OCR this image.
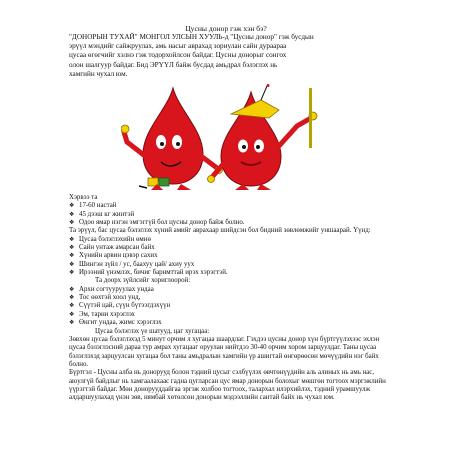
Цусны донор гэж хэн бэ?
"ДОНОРЫН ТУХАЙ" МОНГОЛ УЛСЫН ХУУЛЬ-д "Цусны донор" гэж бусдын
эрүүл мэндийг сайжруулах, амь насыг аврахад зориулан сайн дураараа
цусаа өгөгчийг хэлнэ гэж тодорхойлсон байдаг. Цусны донорыг сонгох
олон шалгуур байдаг. Бид ЭРҮҮЛ байж бусдад амьдрал бэлэглэх нь
хамгийн чухал юм.
Хэрвээ та
❖ 17-60 настай
❖ 45 дээш кг жинтэй
❖ Одоо ямар нэгэн эмгэггүй бол цусны донор байж болно.
Та эрүүл, бас цусаа бэлэглэх хүний амийг аврахаар шийдсэн бол бидний зөвлөмжийг уншаарай. Үүнд:
❖ Цусаа бэлэглэхийн өмнө
❖ Сайн унтаж амарсан байх
❖ Хүнийн арвин цэвэр сахих
❖ Шингэн зүйл / ус, баахуу цай/ ахиу уух
❖ Ирээний үнэмлэх, бичиг баримттай ирэх хэрэгтэй.
Та доорх зүйлсийг хориглоорой:
❖ Архи согтууруулах ундаа
❖ Тос өөхтэй хоол унд,
❖ Сүүтэй цай, сүүн бүтээгдэхүүн
❖ Эм, тарни хэрэглэх
❖ Өнгит ундаа, жимс хэрэглэх
Цусаа бэлэглэх үе шатууд, цаг хугацаа:
Зөвхөн цусаа бэлэглэхэд 5 минут орчим л хугацаа шаардлаг. Гэхдээ цусны донор хүн бүртгүүлэхээс эхлэн цусаа бэлэглэсний дараа тур амрах хугацааг оруулан нийтдээ 30-40 орчим хором зарцуулдаг. Таны цусаа бэлэглэхэд зарцуулсан хугацаа бол таны амьдралын хамгийн үр ашигтай өнгөрөөсөн мөчүүдийн нэг байх болно.
Бүртгэл - Цусны алба нь донорууд болон тэдний цусыг сэлбүүлэх өвчтөнүүдийн аль алиных нь амь нас, аюулгүй байдлыг нь хамгаалахаас гадна цугларсан цус ямар донорын болохыг мөшгөн тогтоох мэргэжлийн үүрэгтэй байдаг. Мөн донорууддайгаа эргэж холбоо тогтоох, талархал илэрхийлэх, тэдний урамшуулж алдаршуулахад үнэн зөв, нямбай хөтөлсөн донорын мэдээллийн сантай байх нь чухал юм.
